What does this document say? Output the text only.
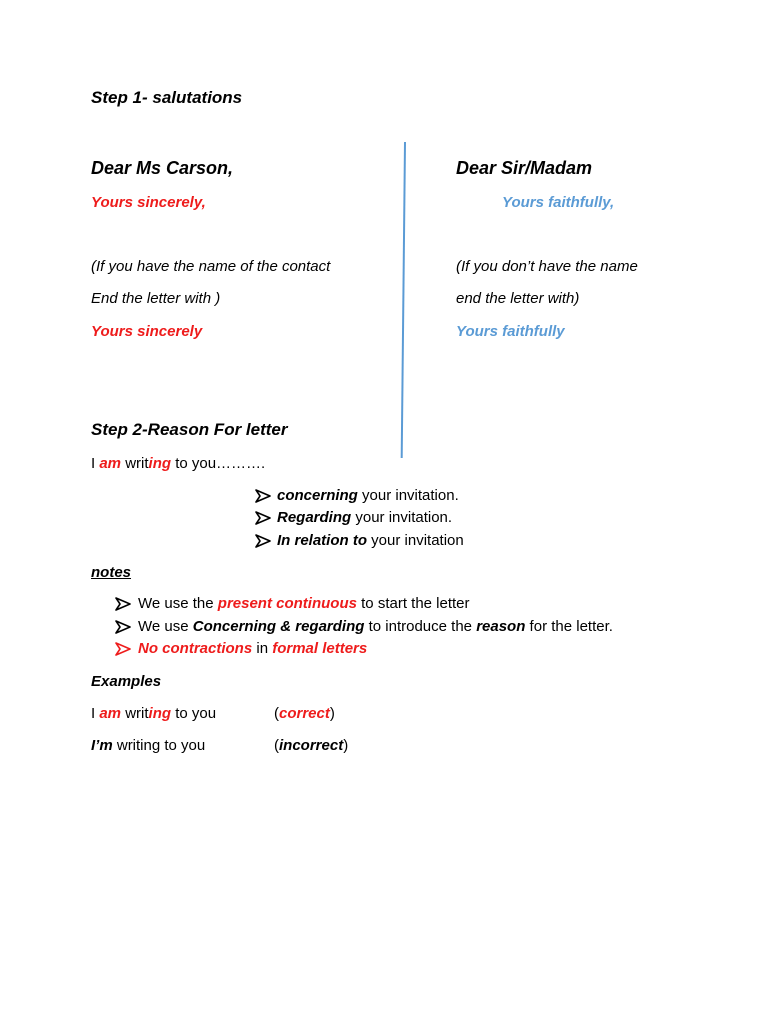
Step 1- salutations
Dear Ms Carson,
Yours sincerely,
(If you have the name of the contact
End the letter with )
Yours sincerely
Dear Sir/Madam
Yours faithfully,
(If you don’t have the name
end the letter with)
Yours faithfully
Step 2-Reason For letter
I am writing to you……….
concerning your invitation.
Regarding your invitation.
In relation to your invitation
notes
We use the present continuous to start the letter
We use Concerning & regarding to introduce the reason for the letter.
No contractions in formal letters
Examples
I am writing to you	(correct)
I’m writing to you	(incorrect)
